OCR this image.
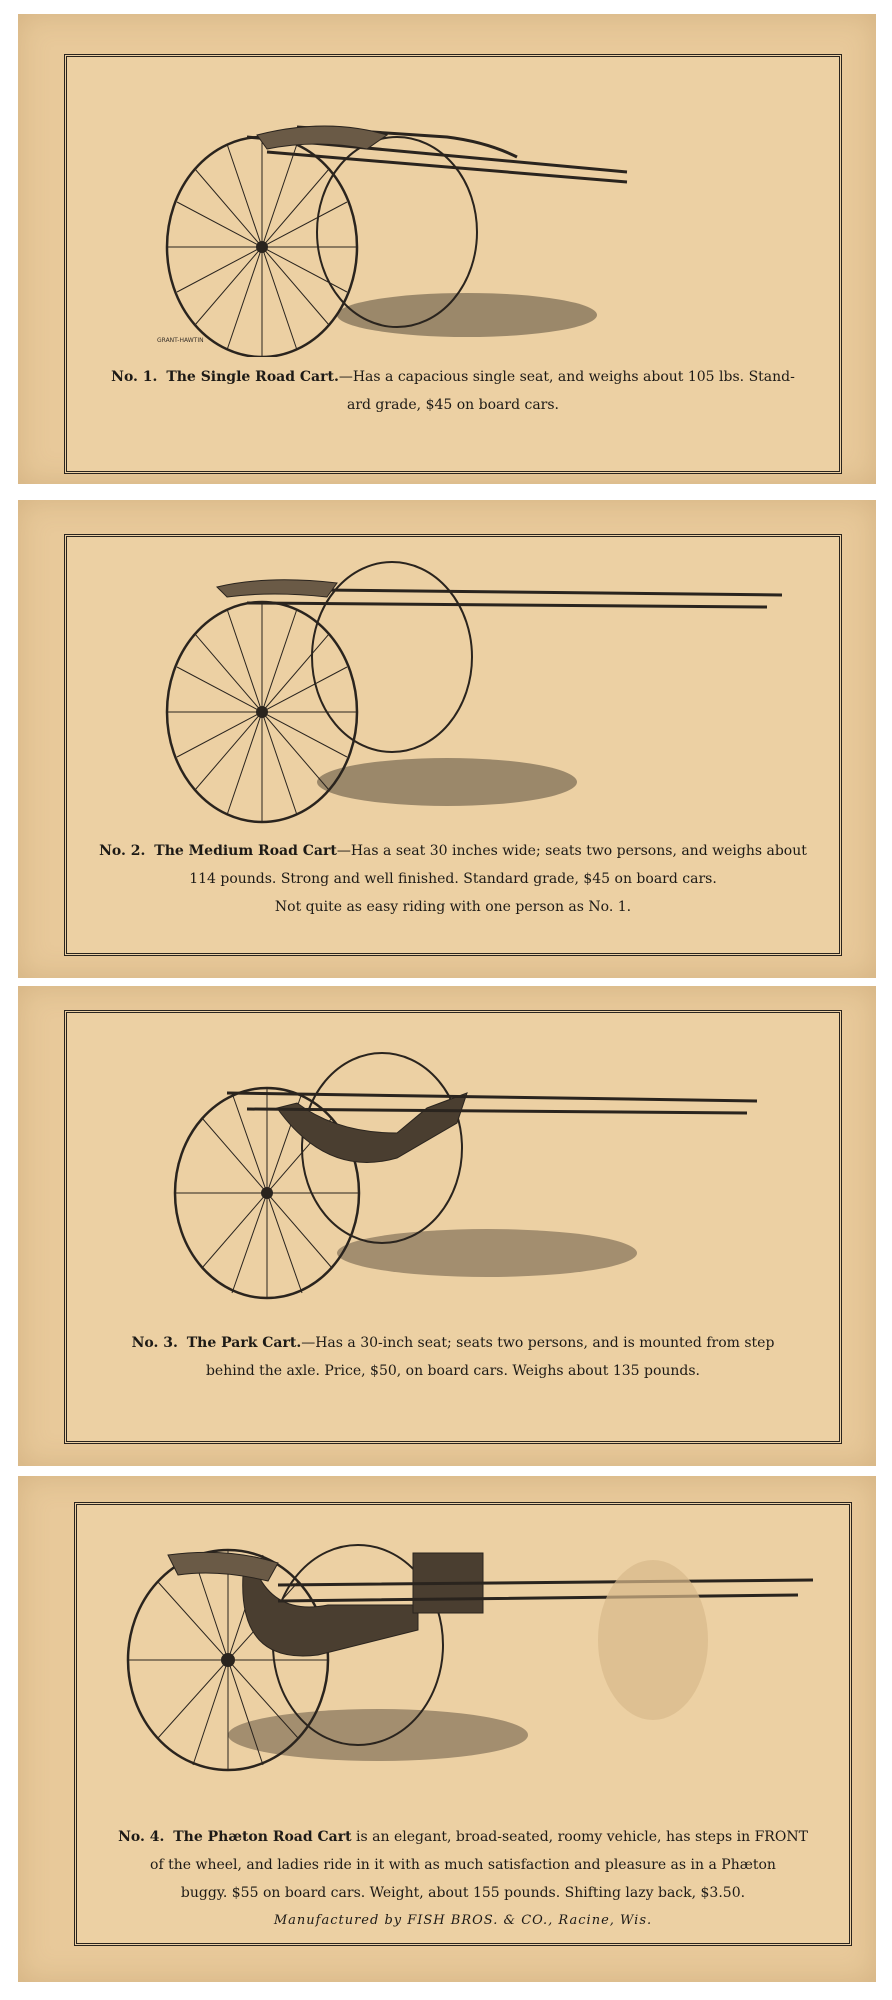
GRANT-HAWTIN
No. 1. The Single Road Cart.—Has a capacious single seat, and weighs about 105 lbs. Stand-
ard grade, $45 on board cars.
No. 2. The Medium Road Cart—Has a seat 30 inches wide; seats two persons, and weighs about
114 pounds. Strong and well finished. Standard grade, $45 on board cars.
Not quite as easy riding with one person as No. 1.
No. 3. The Park Cart.—Has a 30-inch seat; seats two persons, and is mounted from step
behind the axle. Price, $50, on board cars. Weighs about 135 pounds.
No. 4. The Phæton Road Cart is an elegant, broad-seated, roomy vehicle, has steps in FRONT
of the wheel, and ladies ride in it with as much satisfaction and pleasure as in a Phæton
buggy. $55 on board cars. Weight, about 155 pounds. Shifting lazy back, $3.50.
Manufactured by FISH BROS. & CO., Racine, Wis.
